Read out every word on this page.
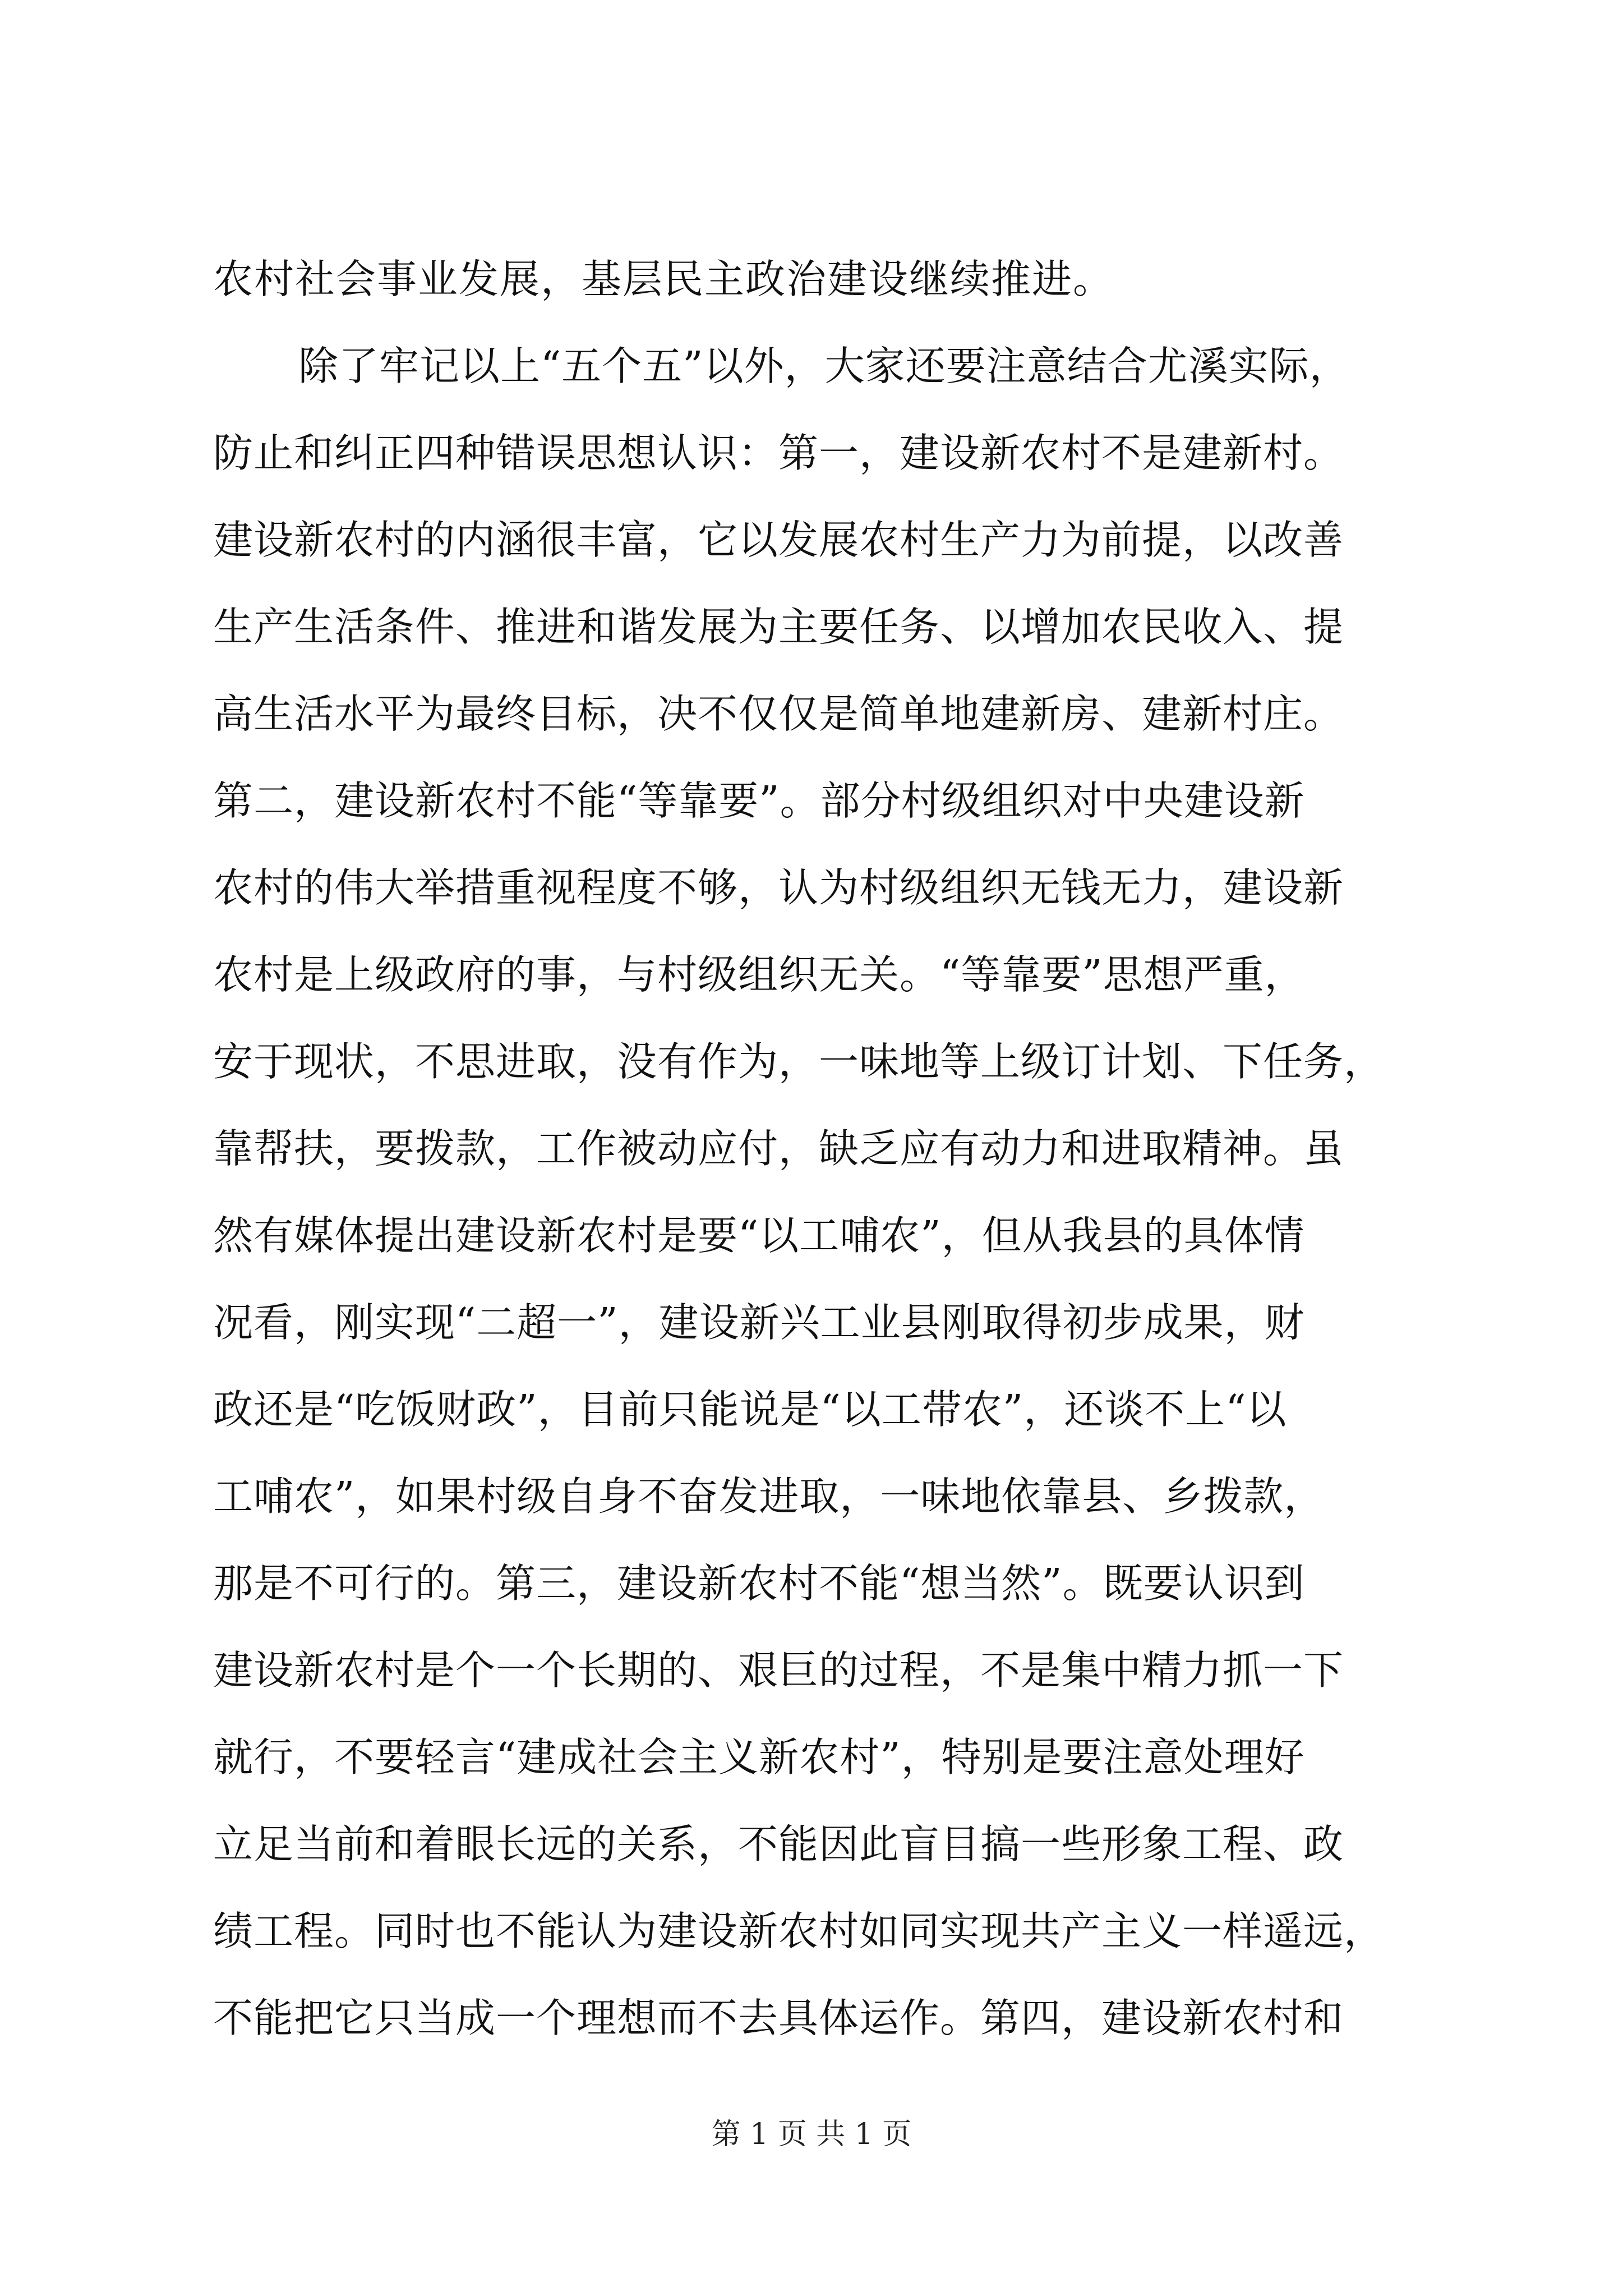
农村社会事业发展，基层民主政治建设继续推进。
除了牢记以上“五个五”以外，大家还要注意结合尤溪实际，
防止和纠正四种错误思想认识：第一，建设新农村不是建新村。
建设新农村的内涵很丰富，它以发展农村生产力为前提，以改善
生产生活条件、推进和谐发展为主要任务、以增加农民收入、提
高生活水平为最终目标，决不仅仅是简单地建新房、建新村庄。
第二，建设新农村不能“等靠要”。部分村级组织对中央建设新
农村的伟大举措重视程度不够，认为村级组织无钱无力，建设新
农村是上级政府的事，与村级组织无关。“等靠要”思想严重，
安于现状，不思进取，没有作为，一味地等上级订计划、下任务，
靠帮扶，要拨款，工作被动应付，缺乏应有动力和进取精神。虽
然有媒体提出建设新农村是要“以工哺农”，但从我县的具体情
况看，刚实现“二超一”，建设新兴工业县刚取得初步成果，财
政还是“吃饭财政”，目前只能说是“以工带农”，还谈不上“以
工哺农”，如果村级自身不奋发进取，一味地依靠县、乡拨款，
那是不可行的。第三，建设新农村不能“想当然”。既要认识到
建设新农村是个一个长期的、艰巨的过程，不是集中精力抓一下
就行，不要轻言“建成社会主义新农村”，特别是要注意处理好
立足当前和着眼长远的关系，不能因此盲目搞一些形象工程、政
绩工程。同时也不能认为建设新农村如同实现共产主义一样遥远，
不能把它只当成一个理想而不去具体运作。第四，建设新农村和
第 1 页 共 1 页
